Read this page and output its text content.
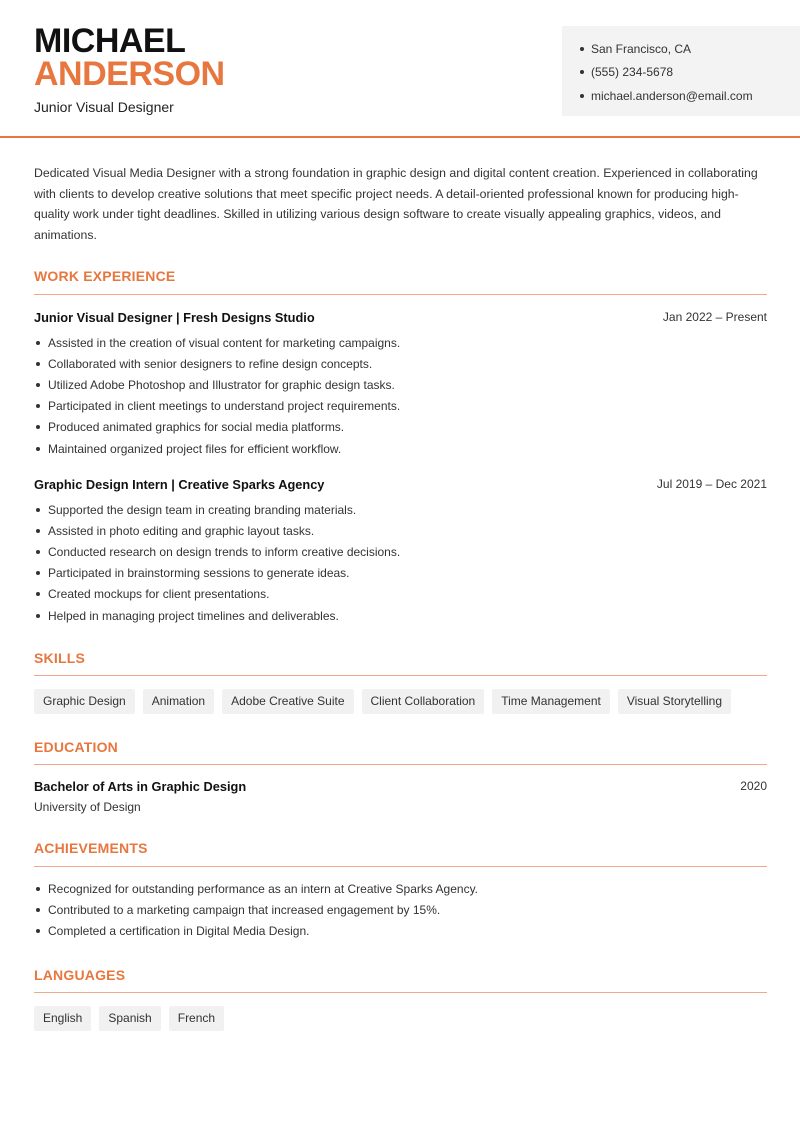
MICHAEL
ANDERSON
Junior Visual Designer
San Francisco, CA
(555) 234-5678
michael.anderson@email.com
Dedicated Visual Media Designer with a strong foundation in graphic design and digital content creation. Experienced in collaborating with clients to develop creative solutions that meet specific project needs. A detail-oriented professional known for producing high-quality work under tight deadlines. Skilled in utilizing various design software to create visually appealing graphics, videos, and animations.
WORK EXPERIENCE
Junior Visual Designer | Fresh Designs Studio	Jan 2022 – Present
Assisted in the creation of visual content for marketing campaigns.
Collaborated with senior designers to refine design concepts.
Utilized Adobe Photoshop and Illustrator for graphic design tasks.
Participated in client meetings to understand project requirements.
Produced animated graphics for social media platforms.
Maintained organized project files for efficient workflow.
Graphic Design Intern | Creative Sparks Agency	Jul 2019 – Dec 2021
Supported the design team in creating branding materials.
Assisted in photo editing and graphic layout tasks.
Conducted research on design trends to inform creative decisions.
Participated in brainstorming sessions to generate ideas.
Created mockups for client presentations.
Helped in managing project timelines and deliverables.
SKILLS
Graphic Design	Animation	Adobe Creative Suite	Client Collaboration	Time Management	Visual Storytelling
EDUCATION
Bachelor of Arts in Graphic Design	2020
University of Design
ACHIEVEMENTS
Recognized for outstanding performance as an intern at Creative Sparks Agency.
Contributed to a marketing campaign that increased engagement by 15%.
Completed a certification in Digital Media Design.
LANGUAGES
English	Spanish	French
